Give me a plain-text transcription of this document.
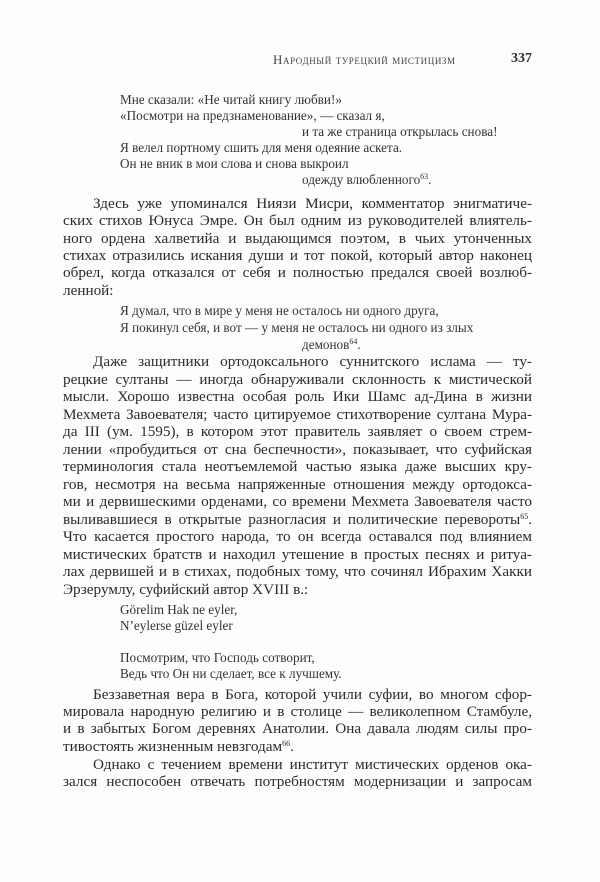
Народный турецкий мистицизм	337
Мне сказали: «Не читай книгу любви!»
«Посмотри на предзнаменование», — сказал я,
и та же страница открылась снова!
Я велел портному сшить для меня одеяние аскета.
Он не вник в мои слова и снова выкроил
одежду влюбленного$^{63}$.
Здесь уже упоминался Ниязи Мисри, комментатор энигматиче-
ских стихов Юнуса Эмре. Он был одним из руководителей влиятель-
ного ордена халветийа и выдающимся поэтом, в чьих утонченных
стихах отразились искания души и тот покой, который автор наконец
обрел, когда отказался от себя и полностью предался своей возлюб-
ленной:
Я думал, что в мире у меня не осталось ни одного друга,
Я покинул себя, и вот — у меня не осталось ни одного из злых
демонов$^{64}$.
Даже защитники ортодоксального суннитского ислама — ту-
рецкие султаны — иногда обнаруживали склонность к мистической
мысли. Хорошо известна особая роль Ики Шамс ад-Дина в жизни
Мехмета Завоевателя; часто цитируемое стихотворение султана Мура-
да III (ум. 1595), в котором этот правитель заявляет о своем стрем-
лении «пробудиться от сна беспечности», показывает, что суфийская
терминология стала неотъемлемой частью языка даже высших кру-
гов, несмотря на весьма напряженные отношения между ортодокса-
ми и дервишескими орденами, со времени Мехмета Завоевателя часто
выливавшиеся в открытые разногласия и политические перевороты$^{65}$.
Что касается простого народа, то он всегда оставался под влиянием
мистических братств и находил утешение в простых песнях и ритуа-
лах дервишей и в стихах, подобных тому, что сочинял Ибрахим Хакки
Эрзерумлу, суфийский автор XVIII в.:
Görelim Hak ne eyler,
N’eylerse güzel eyler
Посмотрим, что Господь сотворит,
Ведь что Он ни сделает, все к лучшему.
Беззаветная вера в Бога, которой учили суфии, во многом сфор-
мировала народную религию и в столице — великолепном Стамбуле,
и в забытых Богом деревнях Анатолии. Она давала людям силы про-
тивостоять жизненным невзгодам$^{66}$.
Однако с течением времени институт мистических орденов ока-
зался неспособен отвечать потребностям модернизации и запросам
